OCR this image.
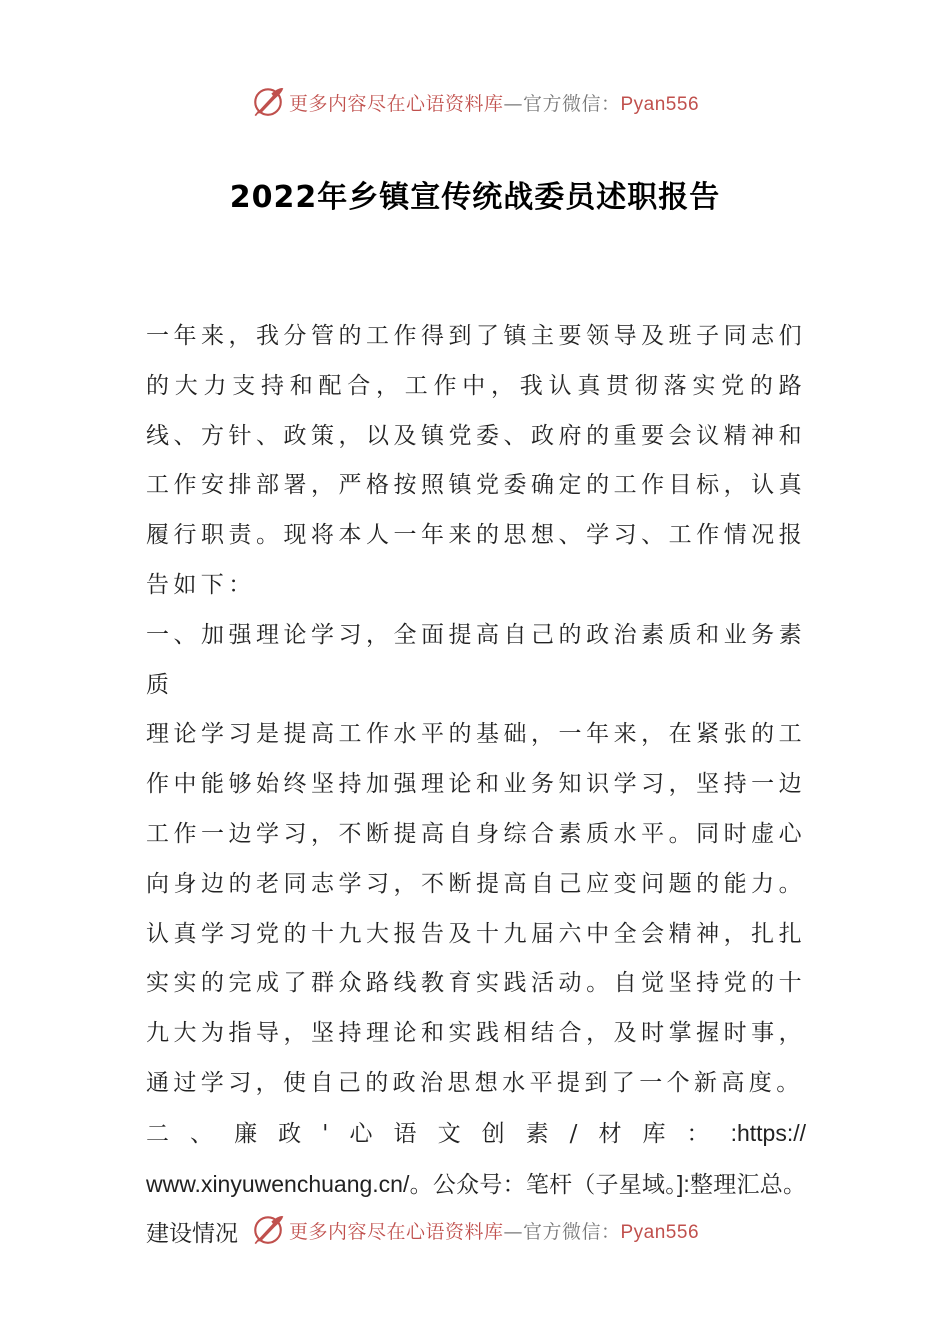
更多内容尽在心语资料库—官方微信：Pyan556
2022年乡镇宣传统战委员述职报告

一年来，我分管的工作得到了镇主要领导及班子同志们的大力支持和配合，工作中，我认真贯彻落实党的路线、方针、政策，以及镇党委、政府的重要会议精神和工作安排部署，严格按照镇党委确定的工作目标，认真履行职责。现将本人一年来的思想、学习、工作情况报告如下：

一、加强理论学习，全面提高自己的政治素质和业务素质

理论学习是提高工作水平的基础，一年来，在紧张的工作中能够始终坚持加强理论和业务知识学习，坚持一边工作一边学习，不断提高自身综合素质水平。同时虚心向身边的老同志学习，不断提高自己应变问题的能力。认真学习党的十九大报告及十九届六中全会精神，扎扎实实的完成了群众路线教育实践活动。自觉坚持党的十九大为指导，坚持理论和实践相结合，及时掌握时事，通过学习，使自己的政治思想水平提到了一个新高度。

二、廉政'心语文创素/材库：:https://
www.xinyuwenchuang.cn/。公众号：笔杆（子星域。]:整理汇总。建设情况	更多内容尽在心语资料库—官方微信：Pyan556
